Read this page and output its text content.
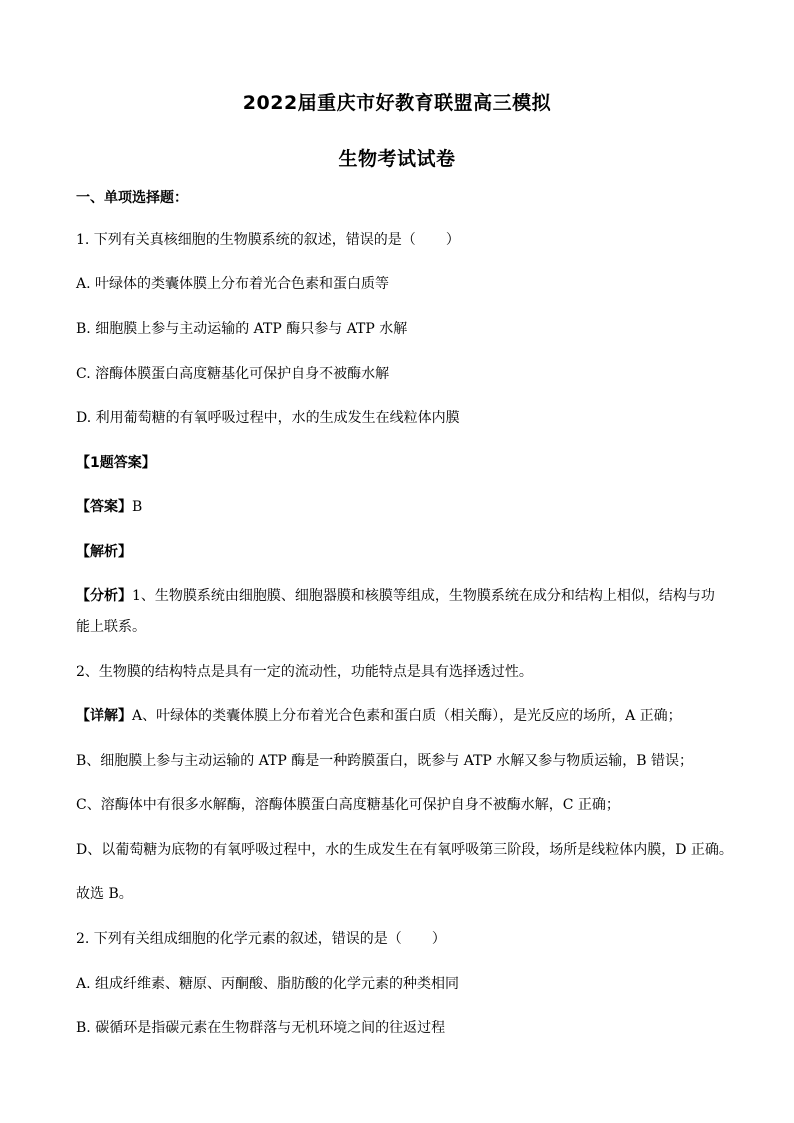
2022届重庆市好教育联盟高三模拟
生物考试试卷
一、单项选择题：
1. 下列有关真核细胞的生物膜系统的叙述，错误的是（ ）
A. 叶绿体的类囊体膜上分布着光合色素和蛋白质等
B. 细胞膜上参与主动运输的 ATP 酶只参与 ATP 水解
C. 溶酶体膜蛋白高度糖基化可保护自身不被酶水解
D. 利用葡萄糖的有氧呼吸过程中，水的生成发生在线粒体内膜
【1题答案】
【答案】B
【解析】
【分析】1、生物膜系统由细胞膜、细胞器膜和核膜等组成，生物膜系统在成分和结构上相似，结构与功能上联系。
2、生物膜的结构特点是具有一定的流动性，功能特点是具有选择透过性。
【详解】A、叶绿体的类囊体膜上分布着光合色素和蛋白质（相关酶），是光反应的场所，A 正确；
B、细胞膜上参与主动运输的 ATP 酶是一种跨膜蛋白，既参与 ATP 水解又参与物质运输，B 错误；
C、溶酶体中有很多水解酶，溶酶体膜蛋白高度糖基化可保护自身不被酶水解，C 正确；
D、以葡萄糖为底物的有氧呼吸过程中，水的生成发生在有氧呼吸第三阶段，场所是线粒体内膜，D 正确。
故选 B。
2. 下列有关组成细胞的化学元素的叙述，错误的是（ ）
A. 组成纤维素、糖原、丙酮酸、脂肪酸的化学元素的种类相同
B. 碳循环是指碳元素在生物群落与无机环境之间的往返过程
